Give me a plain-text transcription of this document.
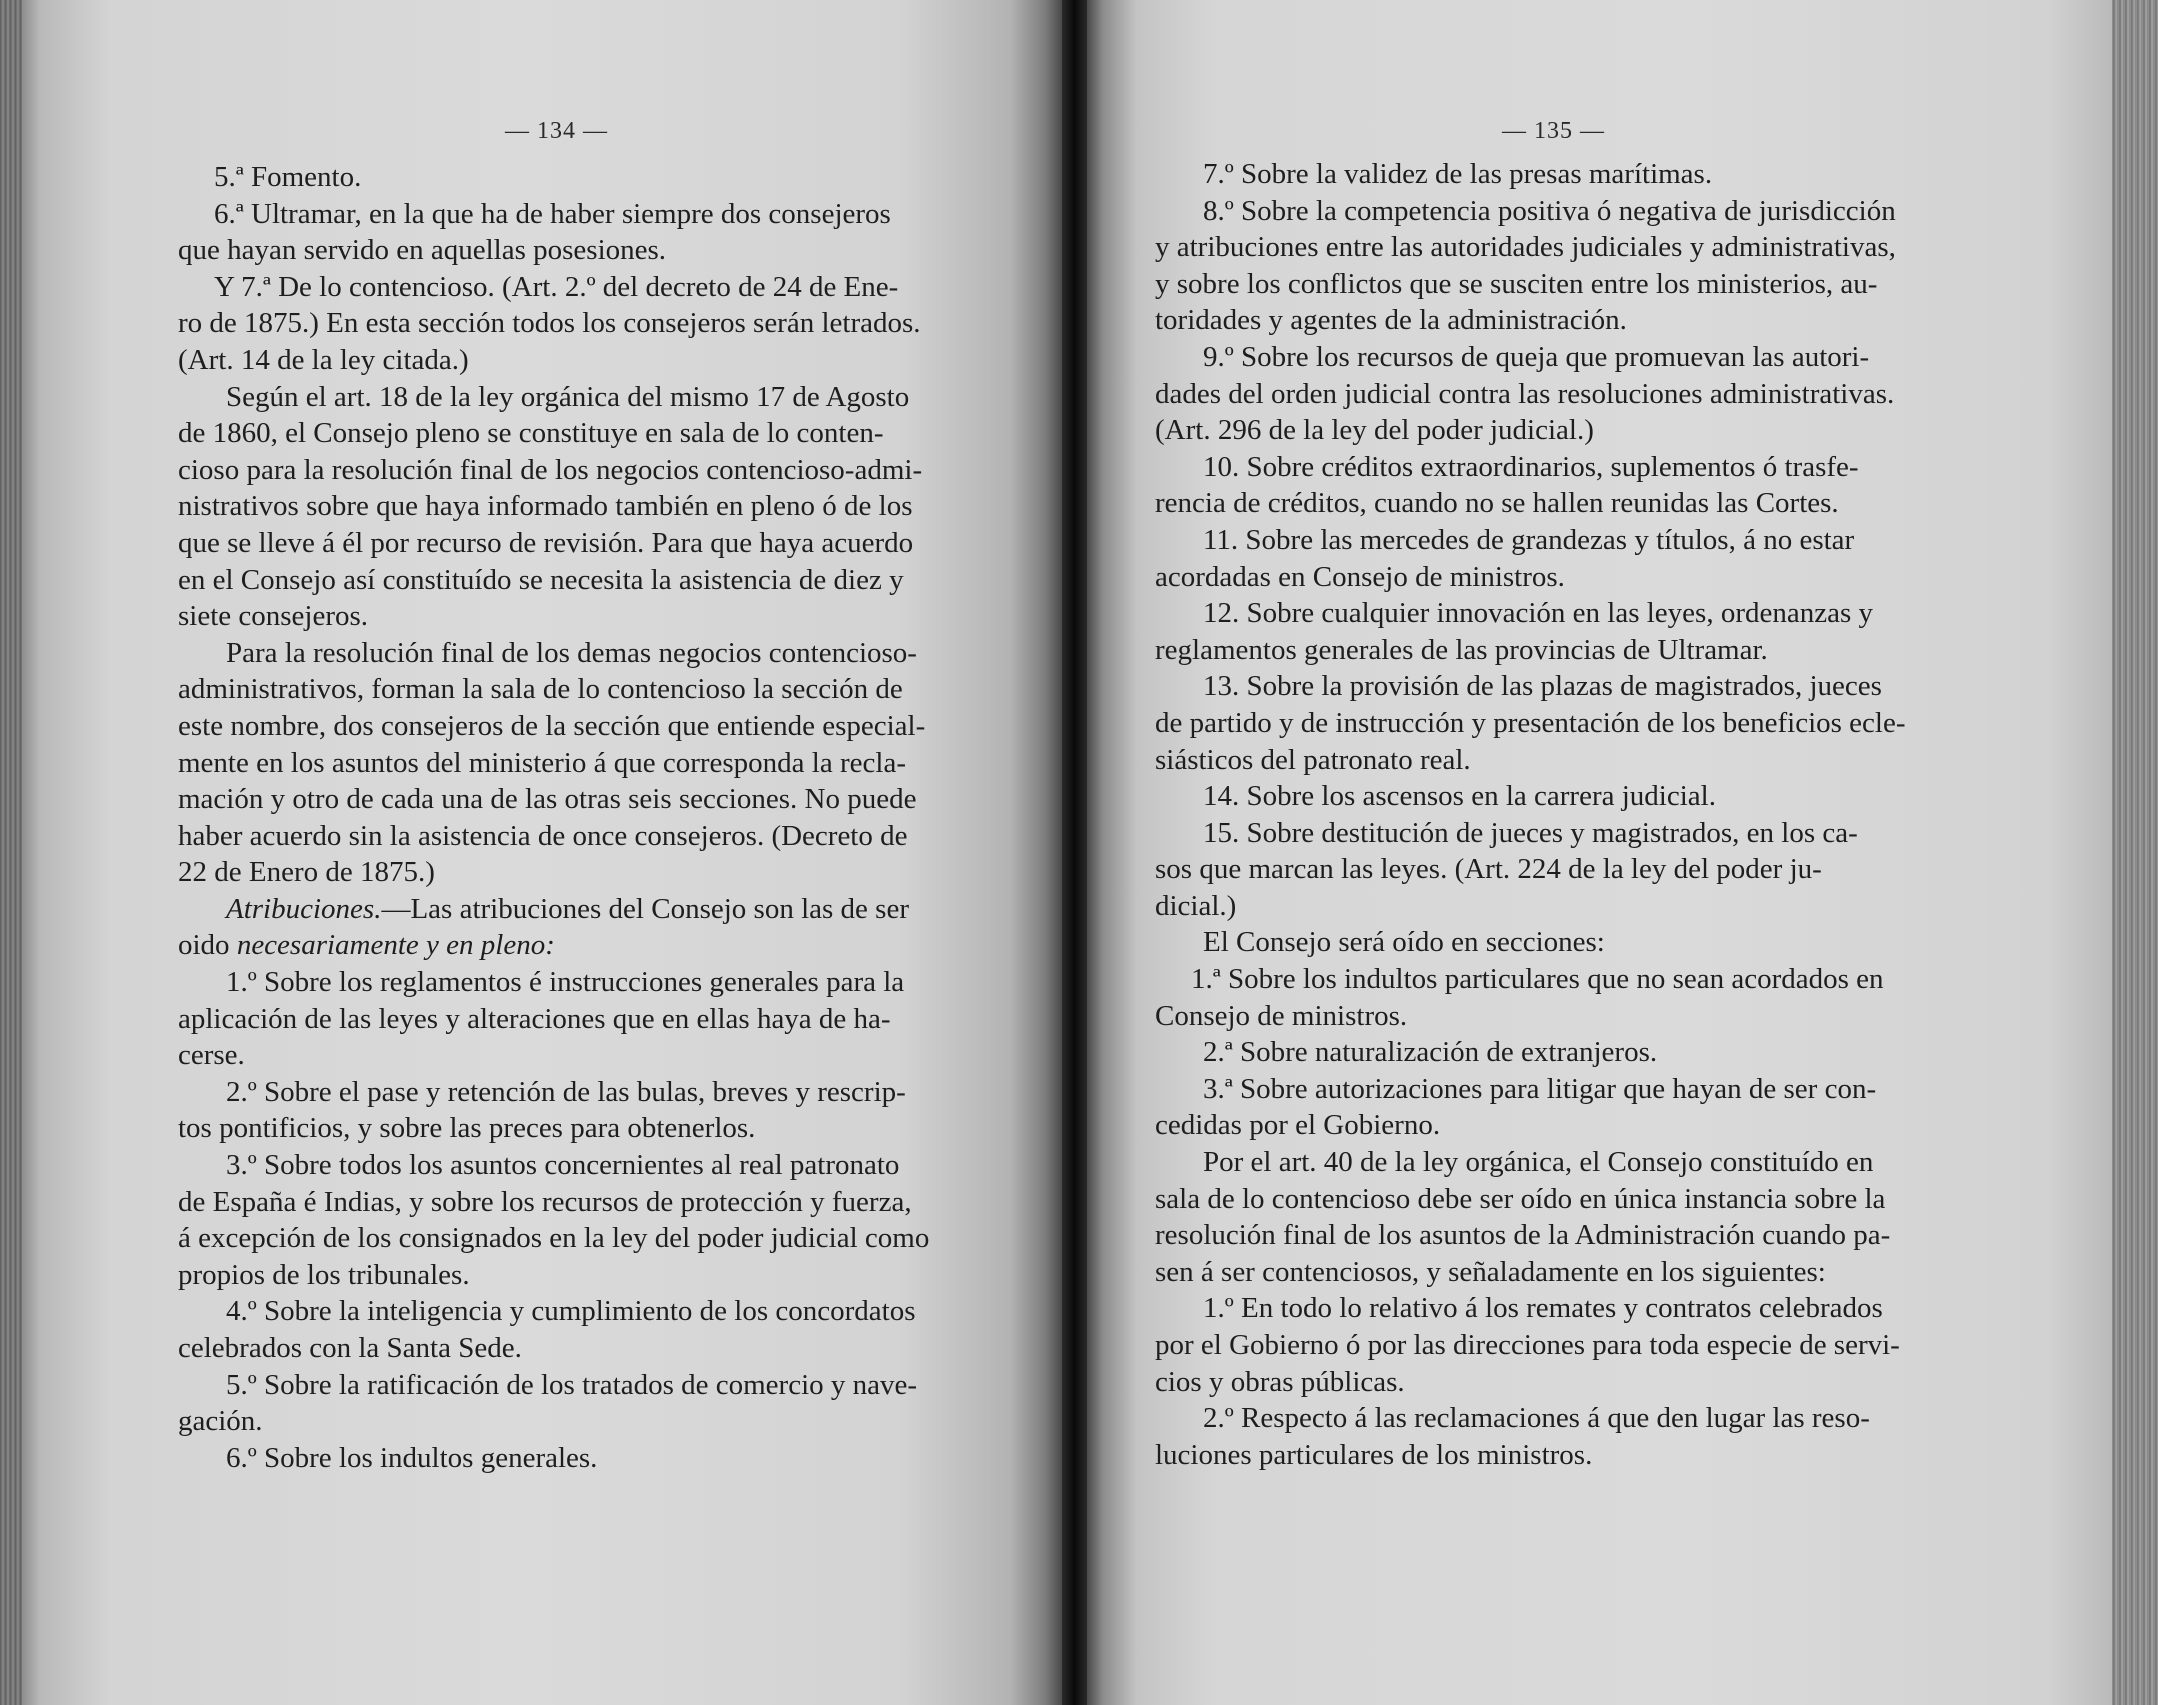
— 134 —
5.ª Fomento.
6.ª Ultramar, en la que ha de haber siempre dos consejeros
que hayan servido en aquellas posesiones.
Y 7.ª De lo contencioso. (Art. 2.º del decreto de 24 de Ene-
ro de 1875.) En esta sección todos los consejeros serán letrados.
(Art. 14 de la ley citada.)
Según el art. 18 de la ley orgánica del mismo 17 de Agosto
de 1860, el Consejo pleno se constituye en sala de lo conten-
cioso para la resolución final de los negocios contencioso-admi-
nistrativos sobre que haya informado también en pleno ó de los
que se lleve á él por recurso de revisión. Para que haya acuerdo
en el Consejo así constituído se necesita la asistencia de diez y
siete consejeros.
Para la resolución final de los demas negocios contencioso-
administrativos, forman la sala de lo contencioso la sección de
este nombre, dos consejeros de la sección que entiende especial-
mente en los asuntos del ministerio á que corresponda la recla-
mación y otro de cada una de las otras seis secciones. No puede
haber acuerdo sin la asistencia de once consejeros. (Decreto de
22 de Enero de 1875.)
Atribuciones.—Las atribuciones del Consejo son las de ser
oido necesariamente y en pleno:
1.º Sobre los reglamentos é instrucciones generales para la
aplicación de las leyes y alteraciones que en ellas haya de ha-
cerse.
2.º Sobre el pase y retención de las bulas, breves y rescrip-
tos pontificios, y sobre las preces para obtenerlos.
3.º Sobre todos los asuntos concernientes al real patronato
de España é Indias, y sobre los recursos de protección y fuerza,
á excepción de los consignados en la ley del poder judicial como
propios de los tribunales.
4.º Sobre la inteligencia y cumplimiento de los concordatos
celebrados con la Santa Sede.
5.º Sobre la ratificación de los tratados de comercio y nave-
gación.
6.º Sobre los indultos generales.
— 135 —
7.º Sobre la validez de las presas marítimas.
8.º Sobre la competencia positiva ó negativa de jurisdicción
y atribuciones entre las autoridades judiciales y administrativas,
y sobre los conflictos que se susciten entre los ministerios, au-
toridades y agentes de la administración.
9.º Sobre los recursos de queja que promuevan las autori-
dades del orden judicial contra las resoluciones administrativas.
(Art. 296 de la ley del poder judicial.)
10. Sobre créditos extraordinarios, suplementos ó trasfe-
rencia de créditos, cuando no se hallen reunidas las Cortes.
11. Sobre las mercedes de grandezas y títulos, á no estar
acordadas en Consejo de ministros.
12. Sobre cualquier innovación en las leyes, ordenanzas y
reglamentos generales de las provincias de Ultramar.
13. Sobre la provisión de las plazas de magistrados, jueces
de partido y de instrucción y presentación de los beneficios ecle-
siásticos del patronato real.
14. Sobre los ascensos en la carrera judicial.
15. Sobre destitución de jueces y magistrados, en los ca-
sos que marcan las leyes. (Art. 224 de la ley del poder ju-
dicial.)
El Consejo será oído en secciones:
1.ª Sobre los indultos particulares que no sean acordados en
Consejo de ministros.
2.ª Sobre naturalización de extranjeros.
3.ª Sobre autorizaciones para litigar que hayan de ser con-
cedidas por el Gobierno.
Por el art. 40 de la ley orgánica, el Consejo constituído en
sala de lo contencioso debe ser oído en única instancia sobre la
resolución final de los asuntos de la Administración cuando pa-
sen á ser contenciosos, y señaladamente en los siguientes:
1.º En todo lo relativo á los remates y contratos celebrados
por el Gobierno ó por las direcciones para toda especie de servi-
cios y obras públicas.
2.º Respecto á las reclamaciones á que den lugar las reso-
luciones particulares de los ministros.
